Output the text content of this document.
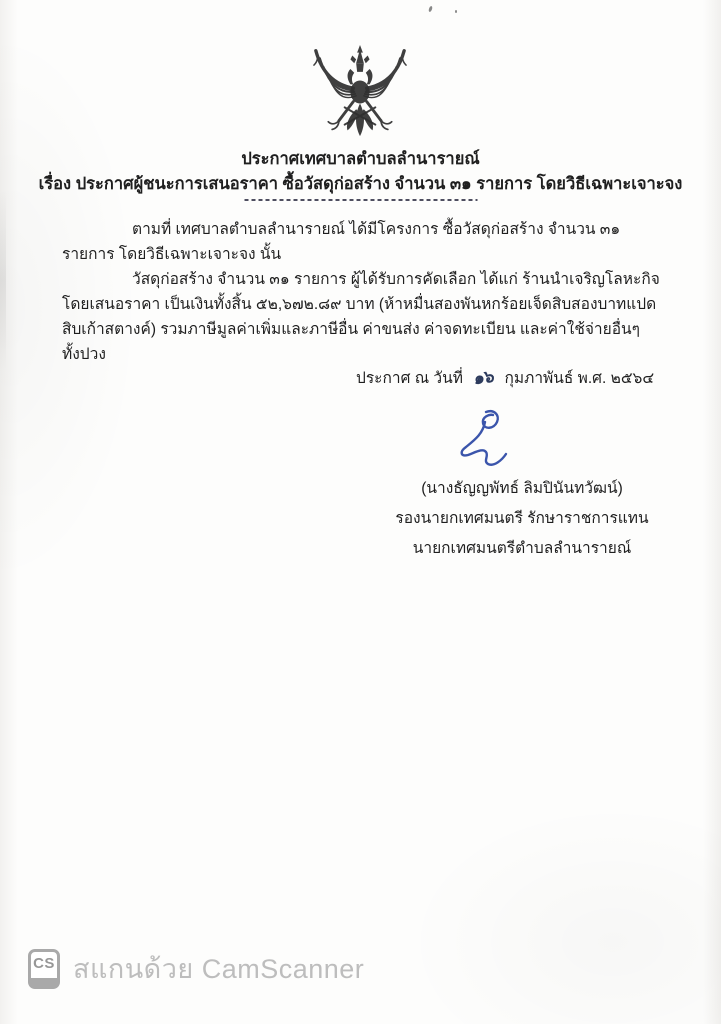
ประกาศเทศบาลตำบลลำนารายณ์
เรื่อง ประกาศผู้ชนะการเสนอราคา ซื้อวัสดุก่อสร้าง จำนวน ๓๑ รายการ โดยวิธีเฉพาะเจาะจง

ตามที่ เทศบาลตำบลลำนารายณ์ ได้มีโครงการ ซื้อวัสดุก่อสร้าง จำนวน ๓๑ รายการ โดยวิธีเฉพาะเจาะจง นั้น

วัสดุก่อสร้าง จำนวน ๓๑ รายการ ผู้ได้รับการคัดเลือก ได้แก่ ร้านนำเจริญโลหะกิจ โดยเสนอราคา เป็นเงินทั้งสิ้น ๕๒,๖๗๒.๘๙ บาท (ห้าหมื่นสองพันหกร้อยเจ็ดสิบสองบาทแปดสิบเก้าสตางค์) รวมภาษีมูลค่าเพิ่มและภาษีอื่น ค่าขนส่ง ค่าจดทะเบียน และค่าใช้จ่ายอื่นๆ ทั้งปวง

ประกาศ ณ วันที่ ๑๖ กุมภาพันธ์ พ.ศ. ๒๕๖๔
(นางธัญญพัทธ์ ลิมปินันทวัฒน์)
รองนายกเทศมนตรี รักษาราชการแทน
นายกเทศมนตรีตำบลลำนารายณ์
CS สแกนด้วย CamScanner
